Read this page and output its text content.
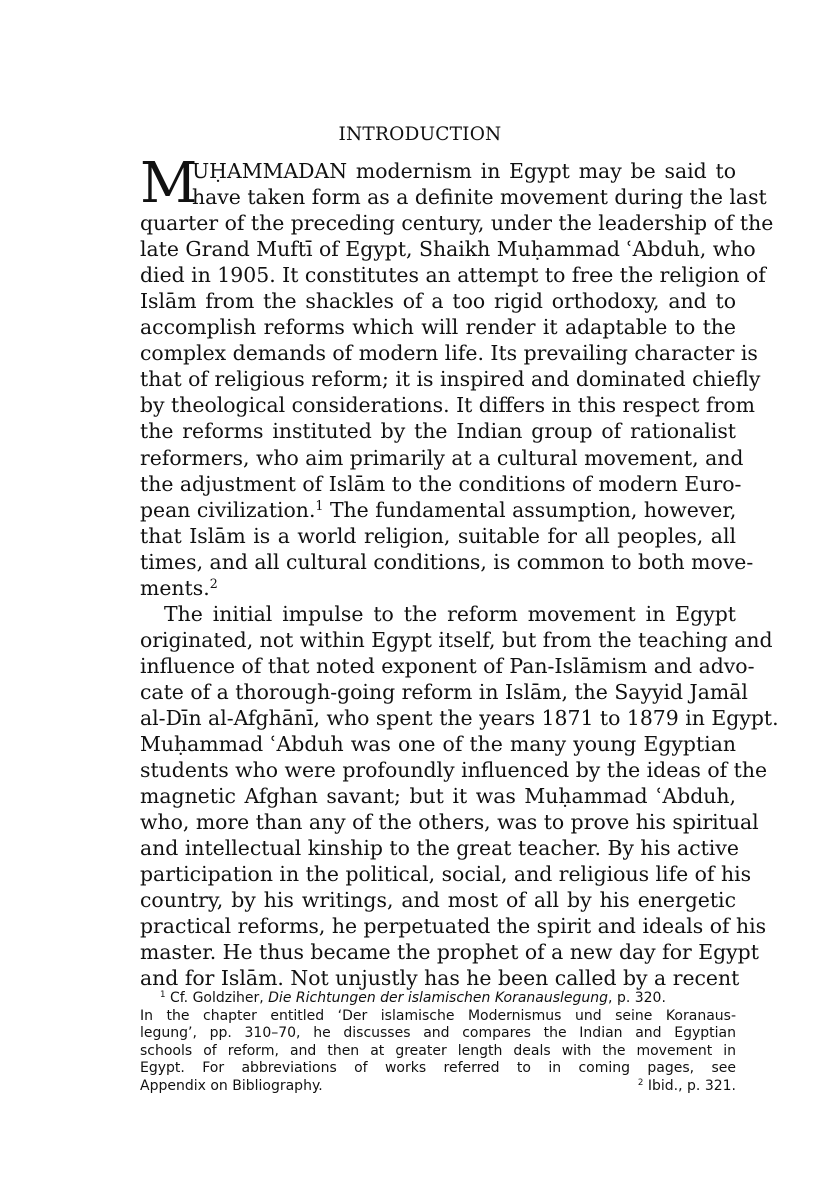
INTRODUCTION
M
UḤAMMADAN modernism in Egypt may be said to
have taken form as a definite movement during the last
quarter of the preceding century, under the leadership of the
late Grand Muftī of Egypt, Shaikh Muḥammad ʿAbduh, who
died in 1905. It constitutes an attempt to free the religion of
Islām from the shackles of a too rigid orthodoxy, and to
accomplish reforms which will render it adaptable to the
complex demands of modern life. Its prevailing character is
that of religious reform; it is inspired and dominated chiefly
by theological considerations. It differs in this respect from
the reforms instituted by the Indian group of rationalist
reformers, who aim primarily at a cultural movement, and
the adjustment of Islām to the conditions of modern Euro-
pean civilization.$^1$ The fundamental assumption, however,
that Islām is a world religion, suitable for all peoples, all
times, and all cultural conditions, is common to both move-
ments.$^2$
The initial impulse to the reform movement in Egypt
originated, not within Egypt itself, but from the teaching and
influence of that noted exponent of Pan-Islāmism and advo-
cate of a thorough-going reform in Islām, the Sayyid Jamāl
al-Dīn al-Afghānī, who spent the years 1871 to 1879 in Egypt.
Muḥammad ʿAbduh was one of the many young Egyptian
students who were profoundly influenced by the ideas of the
magnetic Afghan savant; but it was Muḥammad ʿAbduh,
who, more than any of the others, was to prove his spiritual
and intellectual kinship to the great teacher. By his active
participation in the political, social, and religious life of his
country, by his writings, and most of all by his energetic
practical reforms, he perpetuated the spirit and ideals of his
master. He thus became the prophet of a new day for Egypt
and for Islām. Not unjustly has he been called by a recent
$^1$ Cf. Goldziher, Die Richtungen der islamischen Koranauslegung, p. 320.
In the chapter entitled ‘Der islamische Modernismus und seine Koranaus-
legung’, pp. 310–70, he discusses and compares the Indian and Egyptian
schools of reform, and then at greater length deals with the movement in
Egypt. For abbreviations of works referred to in coming pages, see
Appendix on Bibliography.	$^2$ Ibid., p. 321.
